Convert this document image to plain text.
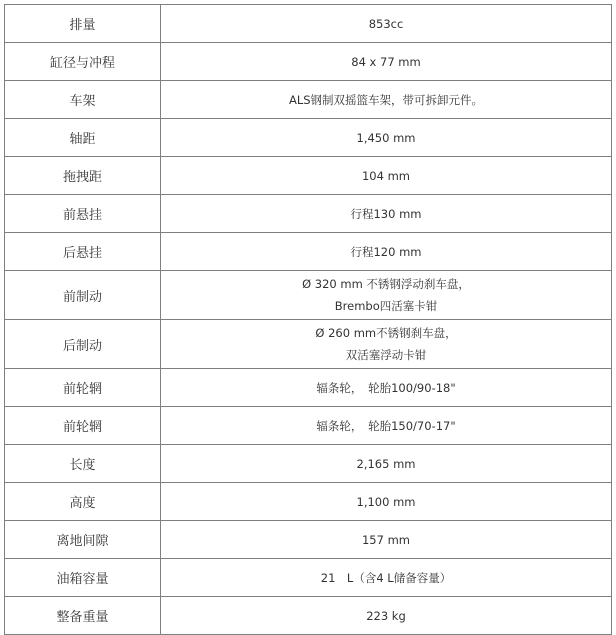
排量	853cc

缸径与冲程	84 x 77 mm

车架	ALS钢制双摇篮车架，带可拆卸元件。

轴距	1,450 mm

拖拽距	104 mm

前悬挂	行程130 mm

后悬挂	行程120 mm

前制动	Ø 320 mm 不锈钢浮动刹车盘，
Brembo四活塞卡钳

后制动	Ø 260 mm不锈钢刹车盘，
双活塞浮动卡钳

前轮辋	辐条轮，　轮胎100/90-18"

前轮辋	辐条轮，　轮胎150/70-17"

长度	2,165 mm

高度	1,100 mm

离地间隙	157 mm

油箱容量	21　L（含4 L储备容量）

整备重量	223 kg
